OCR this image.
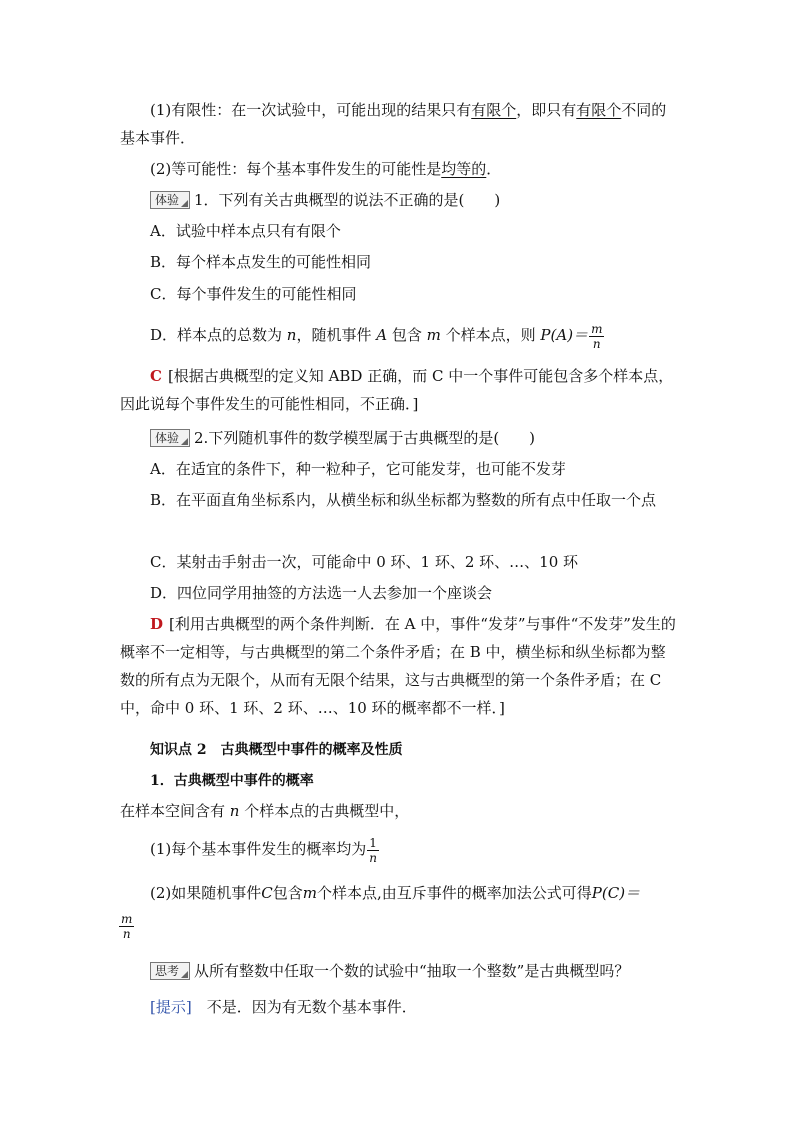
(1)有限性：在一次试验中，可能出现的结果只有有限个，即只有有限个不同的基本事件．
(2)等可能性：每个基本事件发生的可能性是均等的．
体验 1．下列有关古典概型的说法不正确的是(　　)
A．试验中样本点只有有限个
B．每个样本点发生的可能性相同
C．每个事件发生的可能性相同
D．样本点的总数为 n，随机事件 A 包含 m 个样本点，则 $P(A)= \frac{m}{n}$
C [根据古典概型的定义知 ABD 正确，而 C 中一个事件可能包含多个样本点，因此说每个事件发生的可能性相同，不正确．]
体验 2.下列随机事件的数学模型属于古典概型的是(　　)
A．在适宜的条件下，种一粒种子，它可能发芽，也可能不发芽
B．在平面直角坐标系内，从横坐标和纵坐标都为整数的所有点中任取一个点
C．某射击手射击一次，可能命中 0 环、1 环、2 环、…、10 环
D．四位同学用抽签的方法选一人去参加一个座谈会
D [利用古典概型的两个条件判断．在 A 中，事件“发芽”与事件“不发芽”发生的概率不一定相等，与古典概型的第二个条件矛盾；在 B 中，横坐标和纵坐标都为整数的所有点为无限个，从而有无限个结果，这与古典概型的第一个条件矛盾；在 C 中，命中 0 环、1 环、2 环、…、10 环的概率都不一样．]
知识点 2　古典概型中事件的概率及性质
1．古典概型中事件的概率
在样本空间含有 n 个样本点的古典概型中，
(1)每个基本事件发生的概率均为 $\frac{1}{n}$
(2)如果随机事件C包含m个样本点,由互斥事件的概率加法公式可得P(C)＝
$\frac{m}{n}$
思考 从所有整数中任取一个数的试验中“抽取一个整数”是古典概型吗？
[提示]　不是．因为有无数个基本事件．
